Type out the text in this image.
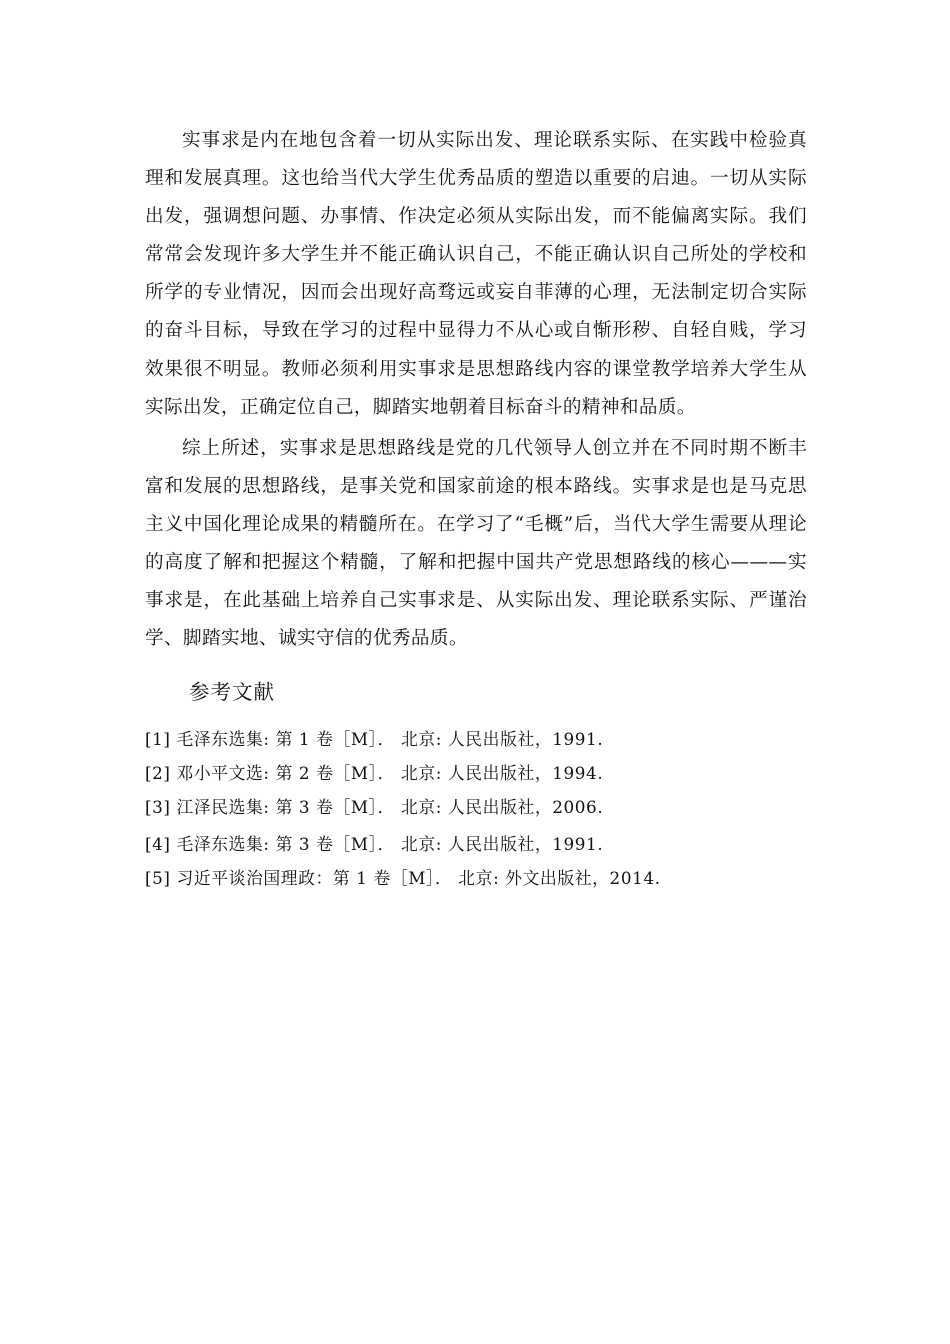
实事求是内在地包含着一切从实际出发、理论联系实际、在实践中检验真理和发展真理。这也给当代大学生优秀品质的塑造以重要的启迪。一切从实际出发，强调想问题、办事情、作决定必须从实际出发，而不能偏离实际。我们常常会发现许多大学生并不能正确认识自己，不能正确认识自己所处的学校和所学的专业情况，因而会出现好高骛远或妄自菲薄的心理，无法制定切合实际的奋斗目标，导致在学习的过程中显得力不从心或自惭形秽、自轻自贱，学习效果很不明显。教师必须利用实事求是思想路线内容的课堂教学培养大学生从实际出发，正确定位自己，脚踏实地朝着目标奋斗的精神和品质。

综上所述，实事求是思想路线是党的几代领导人创立并在不同时期不断丰富和发展的思想路线，是事关党和国家前途的根本路线。实事求是也是马克思主义中国化理论成果的精髓所在。在学习了“毛概”后，当代大学生需要从理论的高度了解和把握这个精髓，了解和把握中国共产党思想路线的核心———实事求是，在此基础上培养自己实事求是、从实际出发、理论联系实际、严谨治学、脚踏实地、诚实守信的优秀品质。

参考文献
[1] 毛泽东选集: 第 1 卷［M］． 北京: 人民出版社，1991.
[2] 邓小平文选: 第 2 卷［M］． 北京: 人民出版社，1994.
[3] 江泽民选集: 第 3 卷［M］． 北京: 人民出版社，2006.
[4] 毛泽东选集: 第 3 卷［M］． 北京: 人民出版社，1991.
[5] 习近平谈治国理政：第 1 卷［M］． 北京: 外文出版社，2014.
